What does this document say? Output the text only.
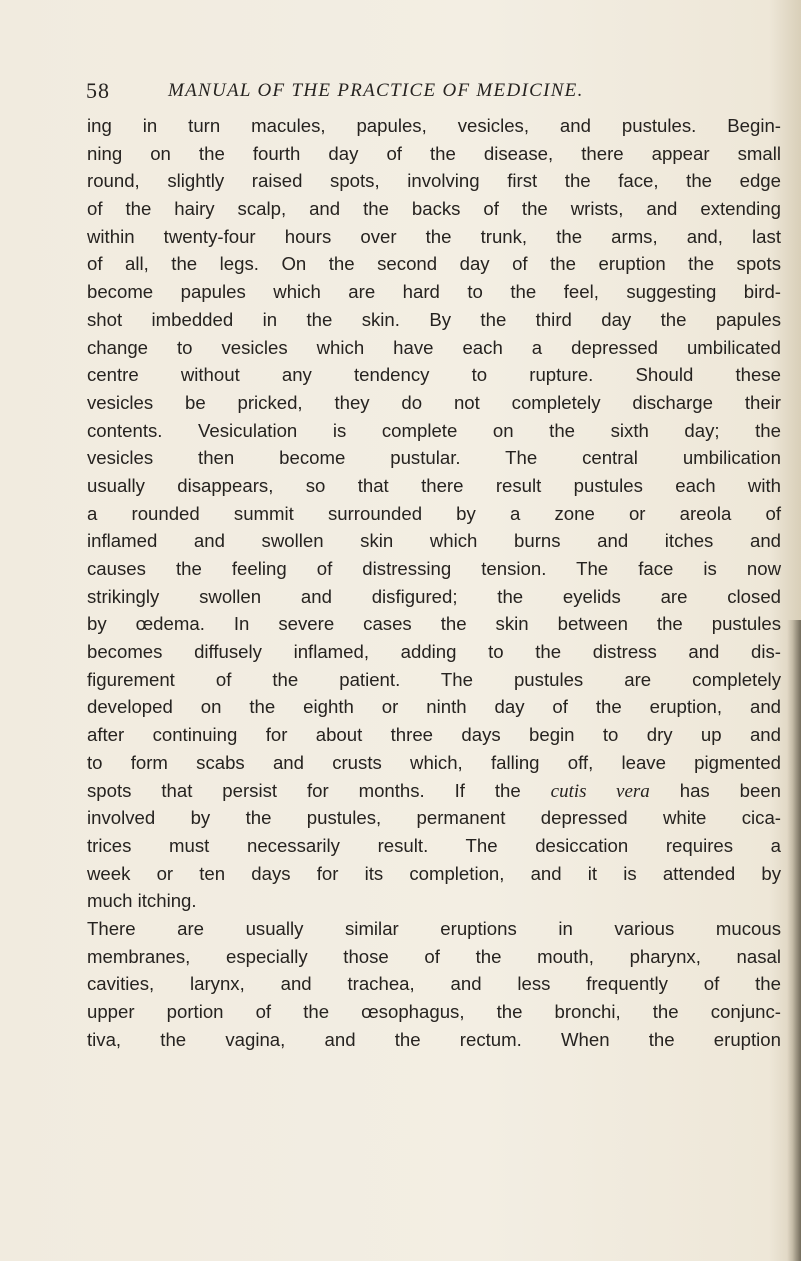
58	MANUAL OF THE PRACTICE OF MEDICINE.
ing in turn macules, papules, vesicles, and pustules. Begin-
ning on the fourth day of the disease, there appear small
round, slightly raised spots, involving first the face, the edge
of the hairy scalp, and the backs of the wrists, and extending
within twenty-four hours over the trunk, the arms, and, last
of all, the legs. On the second day of the eruption the spots
become papules which are hard to the feel, suggesting bird-
shot imbedded in the skin. By the third day the papules
change to vesicles which have each a depressed umbilicated
centre without any tendency to rupture. Should these
vesicles be pricked, they do not completely discharge their
contents. Vesiculation is complete on the sixth day; the
vesicles then become pustular. The central umbilication
usually disappears, so that there result pustules each with
a rounded summit surrounded by a zone or areola of
inflamed and swollen skin which burns and itches and
causes the feeling of distressing tension. The face is now
strikingly swollen and disfigured; the eyelids are closed
by œdema. In severe cases the skin between the pustules
becomes diffusely inflamed, adding to the distress and dis-
figurement of the patient. The pustules are completely
developed on the eighth or ninth day of the eruption, and
after continuing for about three days begin to dry up and
to form scabs and crusts which, falling off, leave pigmented
spots that persist for months. If the cutis vera has been
involved by the pustules, permanent depressed white cica-
trices must necessarily result. The desiccation requires a
week or ten days for its completion, and it is attended by
much itching.
There are usually similar eruptions in various mucous
membranes, especially those of the mouth, pharynx, nasal
cavities, larynx, and trachea, and less frequently of the
upper portion of the œsophagus, the bronchi, the conjunc-
tiva, the vagina, and the rectum. When the eruption
